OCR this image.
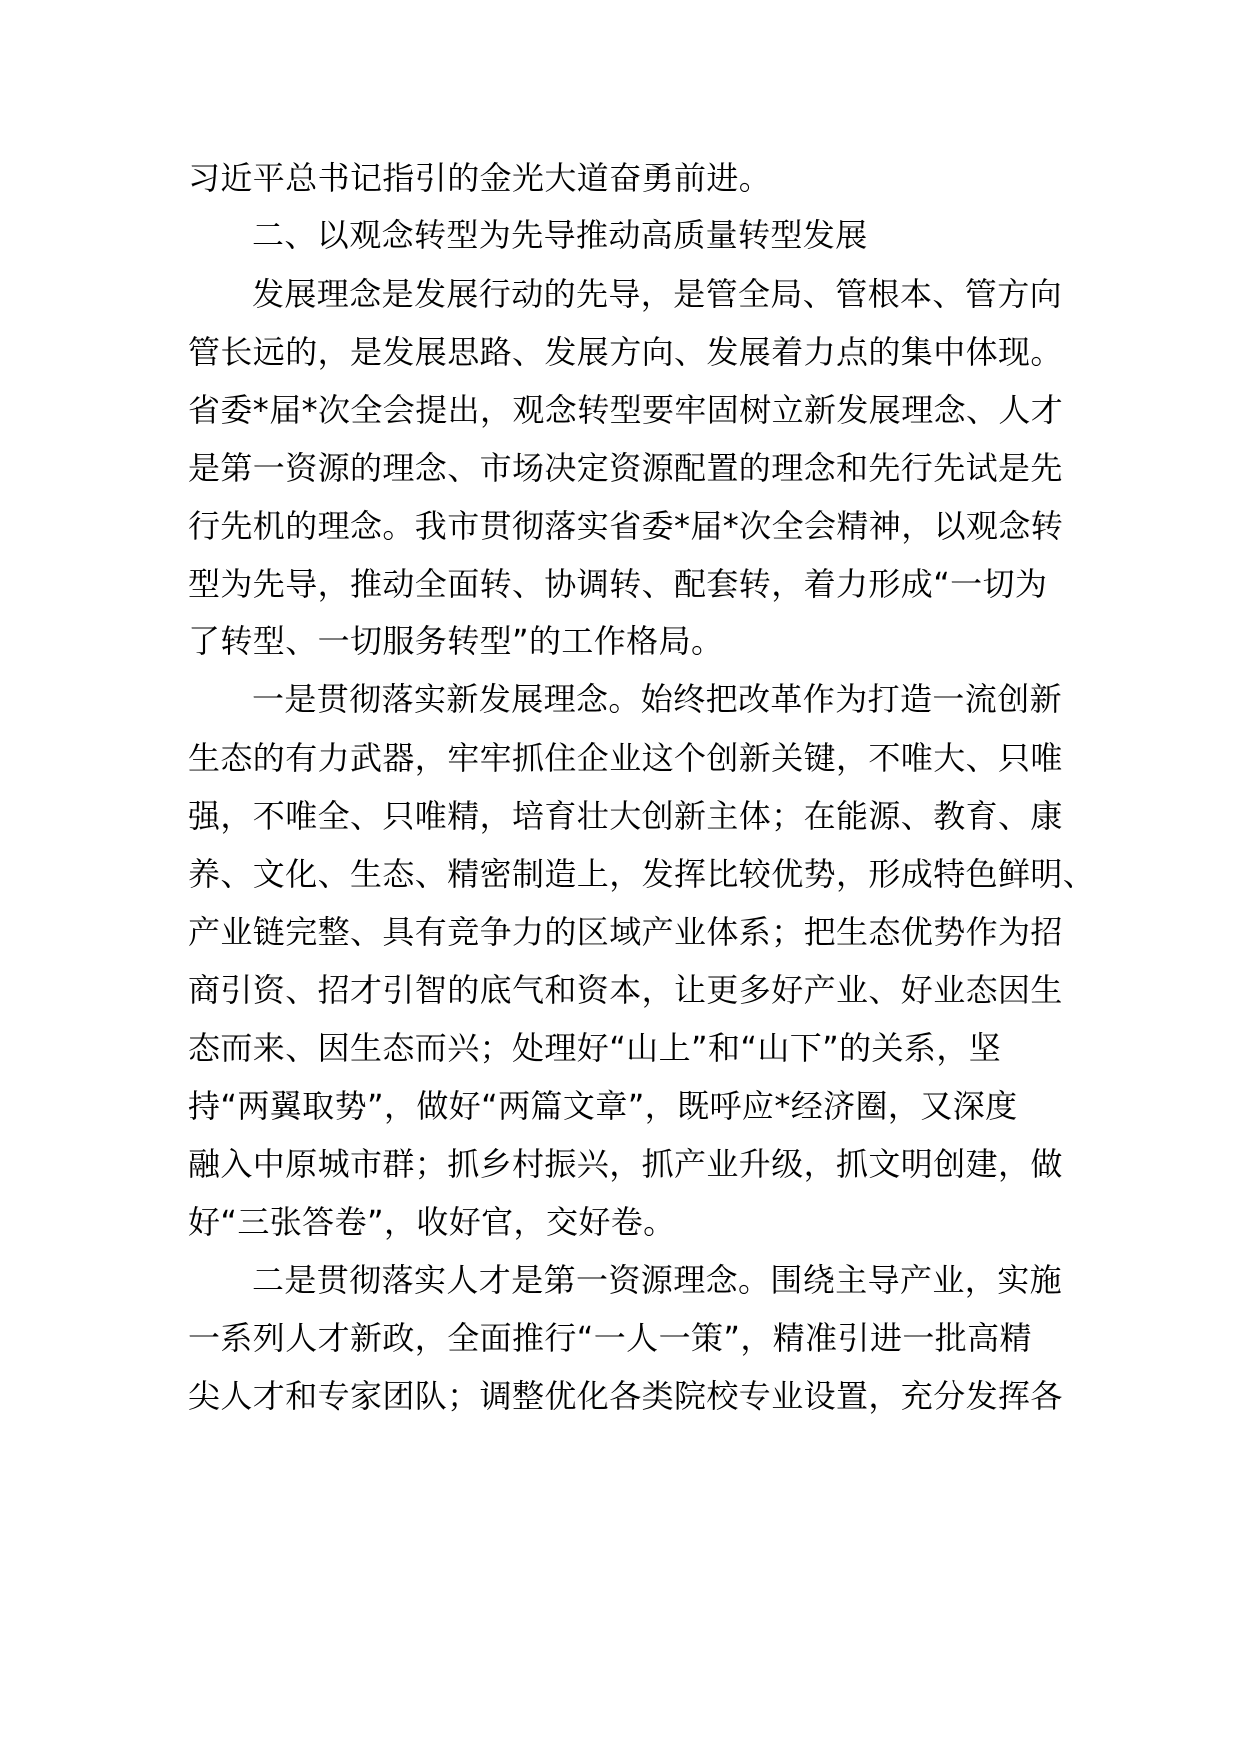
习近平总书记指引的金光大道奋勇前进。
二、以观念转型为先导推动高质量转型发展
发展理念是发展行动的先导，是管全局、管根本、管方向
管长远的，是发展思路、发展方向、发展着力点的集中体现。
省委*届*次全会提出，观念转型要牢固树立新发展理念、人才
是第一资源的理念、市场决定资源配置的理念和先行先试是先
行先机的理念。我市贯彻落实省委*届*次全会精神，以观念转
型为先导，推动全面转、协调转、配套转，着力形成“一切为
了转型、一切服务转型”的工作格局。
一是贯彻落实新发展理念。始终把改革作为打造一流创新
生态的有力武器，牢牢抓住企业这个创新关键，不唯大、只唯
强，不唯全、只唯精，培育壮大创新主体；在能源、教育、康
养、文化、生态、精密制造上，发挥比较优势，形成特色鲜明、
产业链完整、具有竞争力的区域产业体系；把生态优势作为招
商引资、招才引智的底气和资本，让更多好产业、好业态因生
态而来、因生态而兴；处理好“山上”和“山下”的关系，坚
持“两翼取势”，做好“两篇文章”，既呼应*经济圈，又深度
融入中原城市群；抓乡村振兴，抓产业升级，抓文明创建，做
好“三张答卷”，收好官，交好卷。
二是贯彻落实人才是第一资源理念。围绕主导产业，实施
一系列人才新政，全面推行“一人一策”，精准引进一批高精
尖人才和专家团队；调整优化各类院校专业设置，充分发挥各
